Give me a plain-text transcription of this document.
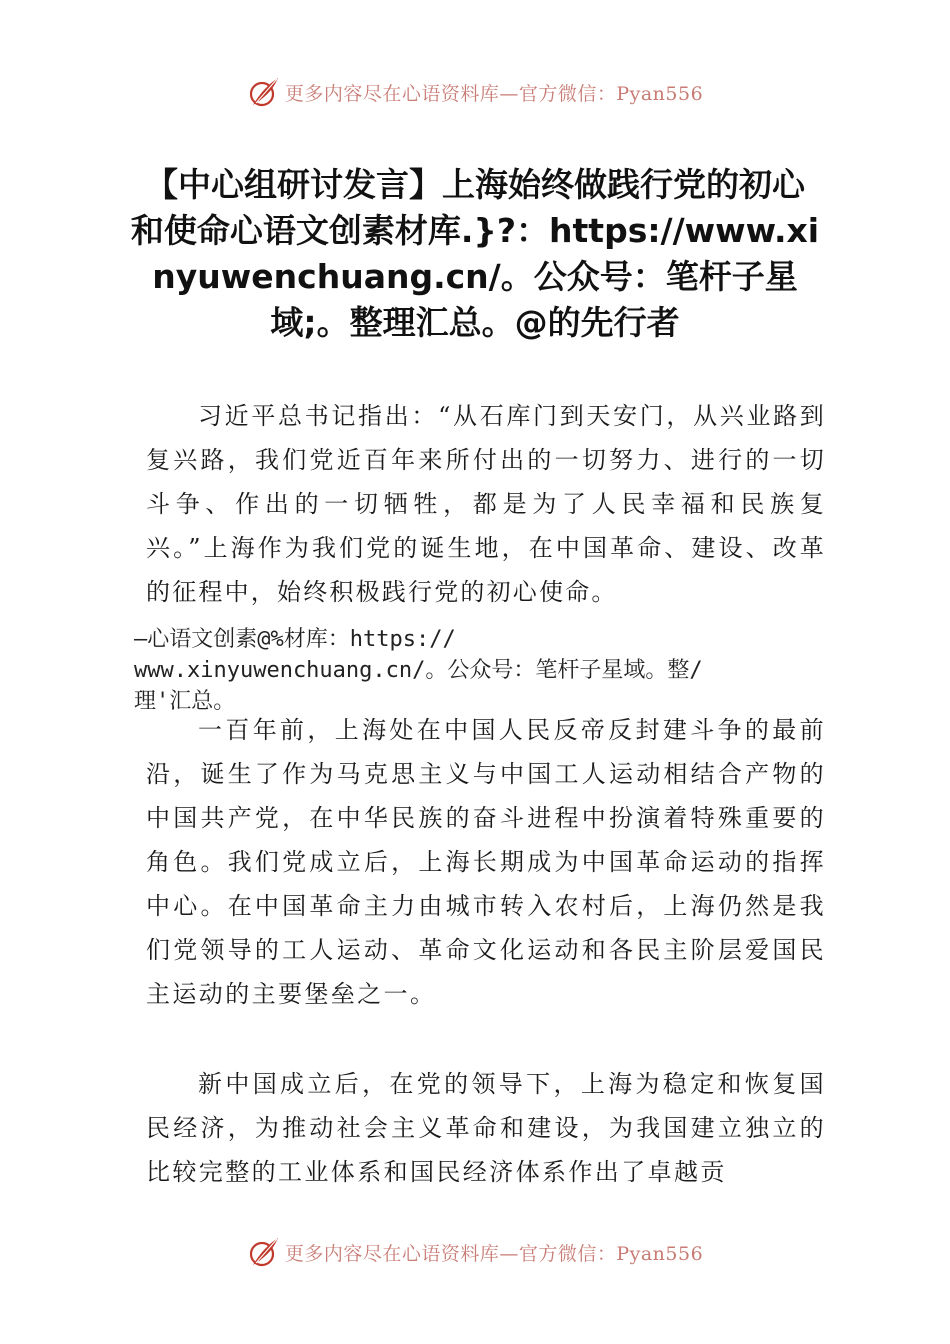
更多内容尽在心语资料库—官方微信：Pyan556
【中心组研讨发言】上海始终做践行党的初心和使命心语文创素材库.}?：https://www.xinyuwenchuang.cn/。公众号：笔杆子星域;。整理汇总。@的先行者

习近平总书记指出：“从石库门到天安门，从兴业路到复兴路，我们党近百年来所付出的一切努力、进行的一切斗争、作出的一切牺牲，都是为了人民幸福和民族复兴。”上海作为我们党的诞生地，在中国革命、建设、改革的征程中，始终积极践行党的初心使命。

—心语文创素@%材库：https://
www.xinyuwenchuang.cn/。公众号：笔杆子星域。整/
理'汇总。

一百年前，上海处在中国人民反帝反封建斗争的最前沿，诞生了作为马克思主义与中国工人运动相结合产物的中国共产党，在中华民族的奋斗进程中扮演着特殊重要的角色。我们党成立后，上海长期成为中国革命运动的指挥中心。在中国革命主力由城市转入农村后，上海仍然是我们党领导的工人运动、革命文化运动和各民主阶层爱国民主运动的主要堡垒之一。

新中国成立后，在党的领导下，上海为稳定和恢复国民经济，为推动社会主义革命和建设，为我国建立独立的比较完整的工业体系和国民经济体系作出了卓越贡

更多内容尽在心语资料库—官方微信：Pyan556
